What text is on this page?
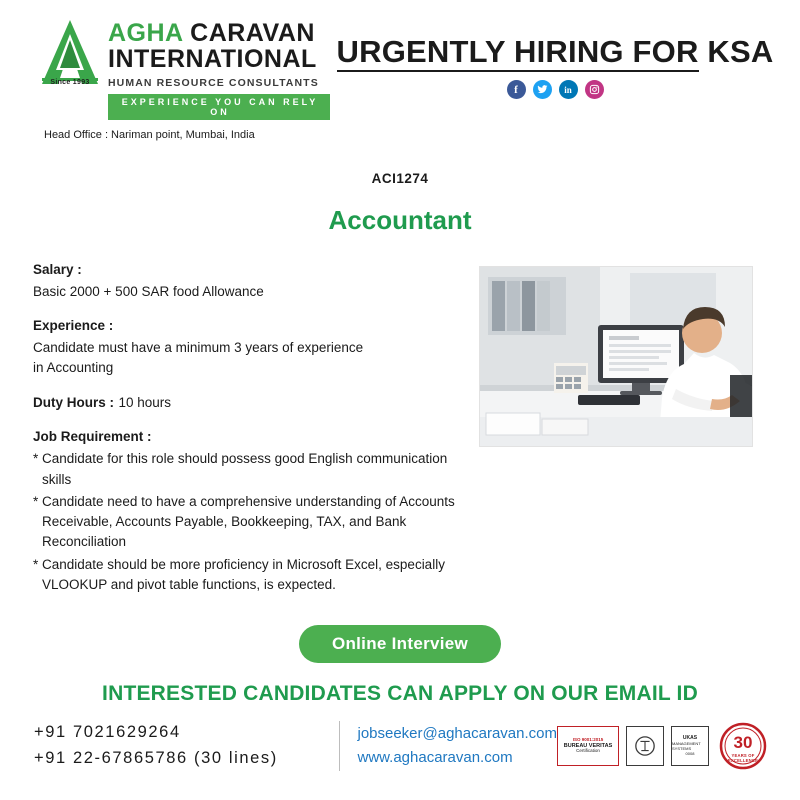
Since 1993
AGHA CARAVAN
INTERNATIONAL
HUMAN RESOURCE CONSULTANTS
EXPERIENCE YOU CAN RELY ON
URGENTLY HIRING FOR KSA
f	in
Head Office : Nariman point, Mumbai, India
ACI1274
Accountant
Salary :
Basic 2000 + 500 SAR food Allowance
Experience :
Candidate must have a minimum 3 years of experience
in Accounting
Duty Hours : 10 hours
Job Requirement :
* Candidate for this role should possess good English communication skills
* Candidate need to have a comprehensive understanding of Accounts Receivable, Accounts Payable, Bookkeeping, TAX, and Bank Reconciliation
* Candidate should be more proficiency in Microsoft Excel, especially VLOOKUP and pivot table functions, is expected.
Online Interview
INTERESTED CANDIDATES CAN APPLY ON OUR EMAIL ID
+91 7021629264
+91 22-67865786 (30 lines)
jobseeker@aghacaravan.com
www.aghacaravan.com
ISO 9001:2015
BUREAU VERITAS
Certification
UKAS
MANAGEMENT SYSTEMS
0008
30
YEARS OF EXCELLENCE
